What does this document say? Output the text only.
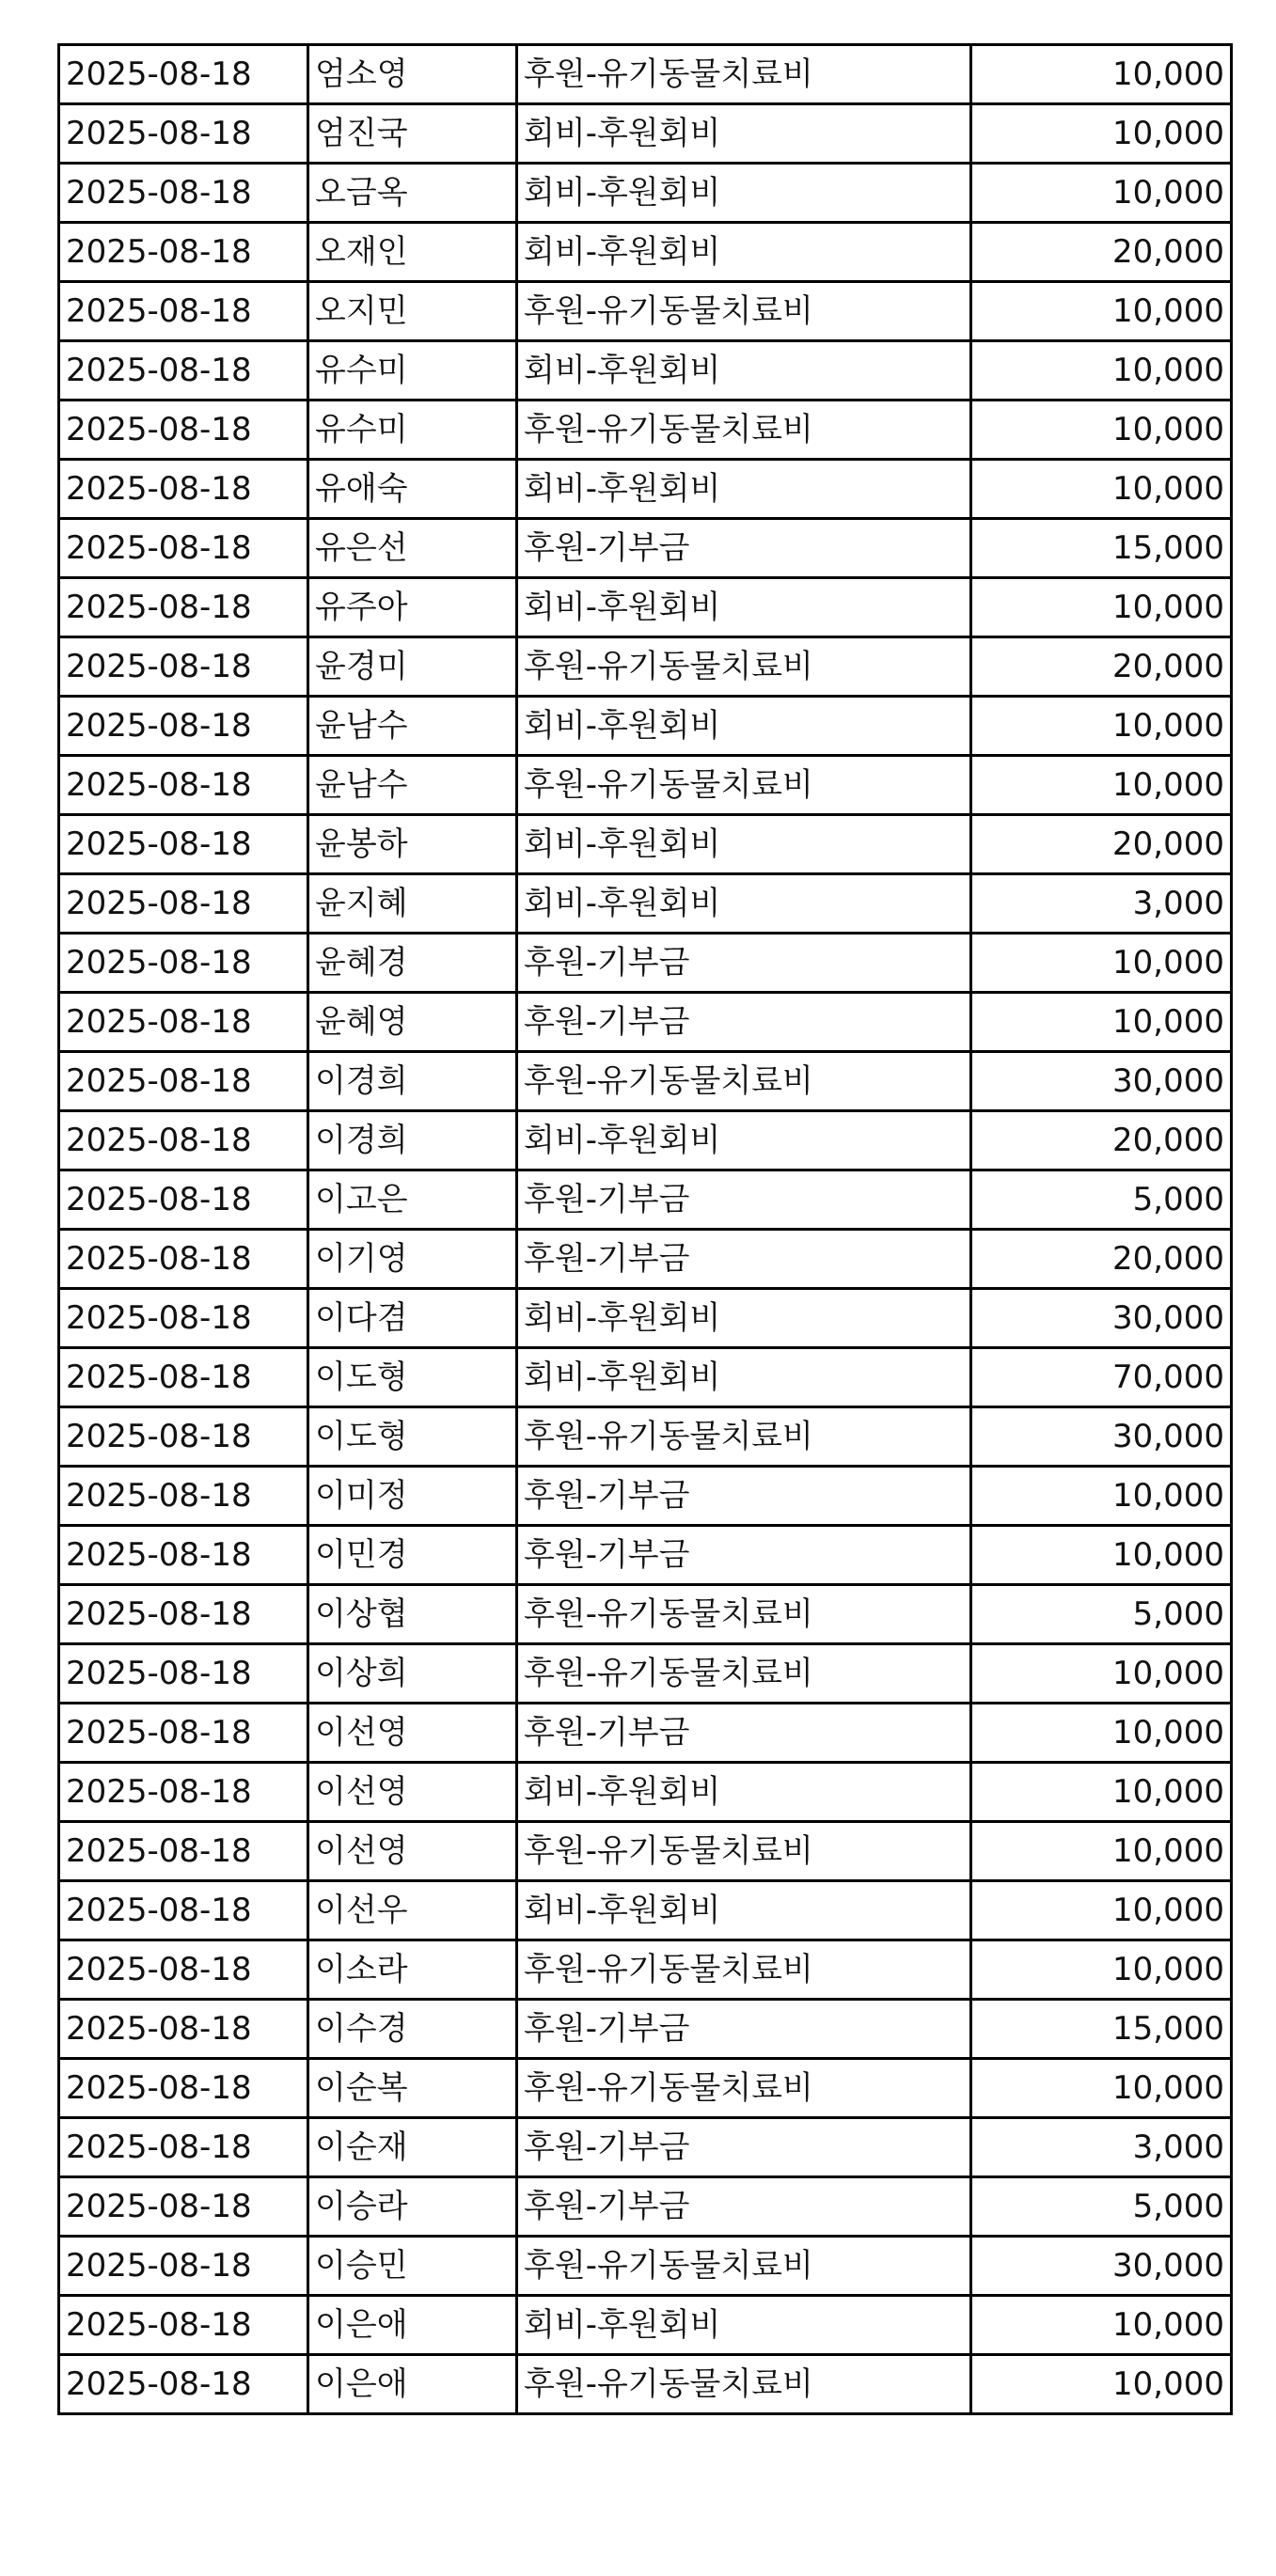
2025-08-18	엄소영	후원-유기동물치료비	10,000
2025-08-18	엄진국	회비-후원회비	10,000
2025-08-18	오금옥	회비-후원회비	10,000
2025-08-18	오재인	회비-후원회비	20,000
2025-08-18	오지민	후원-유기동물치료비	10,000
2025-08-18	유수미	회비-후원회비	10,000
2025-08-18	유수미	후원-유기동물치료비	10,000
2025-08-18	유애숙	회비-후원회비	10,000
2025-08-18	유은선	후원-기부금	15,000
2025-08-18	유주아	회비-후원회비	10,000
2025-08-18	윤경미	후원-유기동물치료비	20,000
2025-08-18	윤남수	회비-후원회비	10,000
2025-08-18	윤남수	후원-유기동물치료비	10,000
2025-08-18	윤봉하	회비-후원회비	20,000
2025-08-18	윤지혜	회비-후원회비	3,000
2025-08-18	윤혜경	후원-기부금	10,000
2025-08-18	윤혜영	후원-기부금	10,000
2025-08-18	이경희	후원-유기동물치료비	30,000
2025-08-18	이경희	회비-후원회비	20,000
2025-08-18	이고은	후원-기부금	5,000
2025-08-18	이기영	후원-기부금	20,000
2025-08-18	이다겸	회비-후원회비	30,000
2025-08-18	이도형	회비-후원회비	70,000
2025-08-18	이도형	후원-유기동물치료비	30,000
2025-08-18	이미정	후원-기부금	10,000
2025-08-18	이민경	후원-기부금	10,000
2025-08-18	이상협	후원-유기동물치료비	5,000
2025-08-18	이상희	후원-유기동물치료비	10,000
2025-08-18	이선영	후원-기부금	10,000
2025-08-18	이선영	회비-후원회비	10,000
2025-08-18	이선영	후원-유기동물치료비	10,000
2025-08-18	이선우	회비-후원회비	10,000
2025-08-18	이소라	후원-유기동물치료비	10,000
2025-08-18	이수경	후원-기부금	15,000
2025-08-18	이순복	후원-유기동물치료비	10,000
2025-08-18	이순재	후원-기부금	3,000
2025-08-18	이승라	후원-기부금	5,000
2025-08-18	이승민	후원-유기동물치료비	30,000
2025-08-18	이은애	회비-후원회비	10,000
2025-08-18	이은애	후원-유기동물치료비	10,000
